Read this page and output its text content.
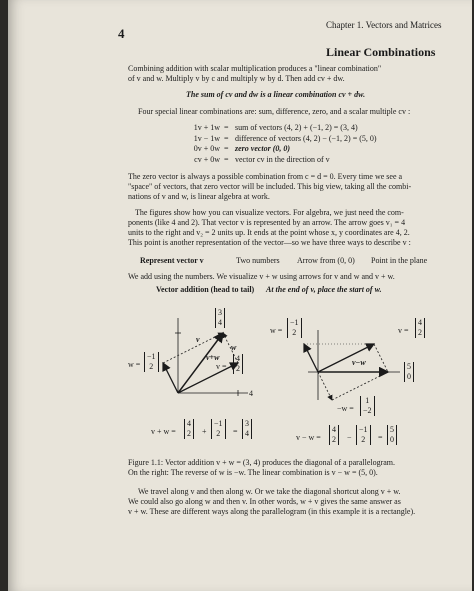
4
Chapter 1. Vectors and Matrices
Linear Combinations
Combining addition with scalar multiplication produces a "linear combination"
of v and w. Multiply v by c and multiply w by d. Then add cv + dw.
The sum of cv and dw is a linear combination cv + dw.
Four special linear combinations are: sum, difference, zero, and a scalar multiple cv :
1v + 1w
1v − 1w
0v + 0w
cv + 0w
=
=
=
=
sum of vectors (4, 2) + (−1, 2) = (3, 4)
difference of vectors (4, 2) − (−1, 2) = (5, 0)
zero vector (0, 0)
vector cv in the direction of v
The zero vector is always a possible combination from c = d = 0. Every time we see a
"space" of vectors, that zero vector will be included. This big view, taking all the combi-
nations of v and w, is linear algebra at work.
The figures show how you can visualize vectors. For algebra, we just need the com-
ponents (like 4 and 2). That vector v is represented by an arrow. The arrow goes v₁ = 4
units to the right and v₂ = 2 units up. It ends at the point whose x, y coordinates are 4, 2.
This point is another representation of the vector—so we have three ways to describe v :
Represent vector v	Two numbers Arrow from (0, 0) Point in the plane
We add using the numbers. We visualize v + w using arrows for v and w and v + w.
Vector addition (head to tail) At the end of v, place the start of w.
w =
−1
2
3
4
v =
4
2
v
w
v+w
4
v + w =
4
2 +
−1
2 =
3
4
w =
−1
2	v =
4
2
5
0
v−w
−w =
1
−2
v − w =
4
2 −
−1
2 =
5
0
Figure 1.1: Vector addition v + w = (3, 4) produces the diagonal of a parallelogram.
On the right: The reverse of w is −w. The linear combination is v − w = (5, 0).
We travel along v and then along w. Or we take the diagonal shortcut along v + w.
We could also go along w and then v. In other words, w + v gives the same answer as
v + w. These are different ways along the parallelogram (in this example it is a rectangle).
